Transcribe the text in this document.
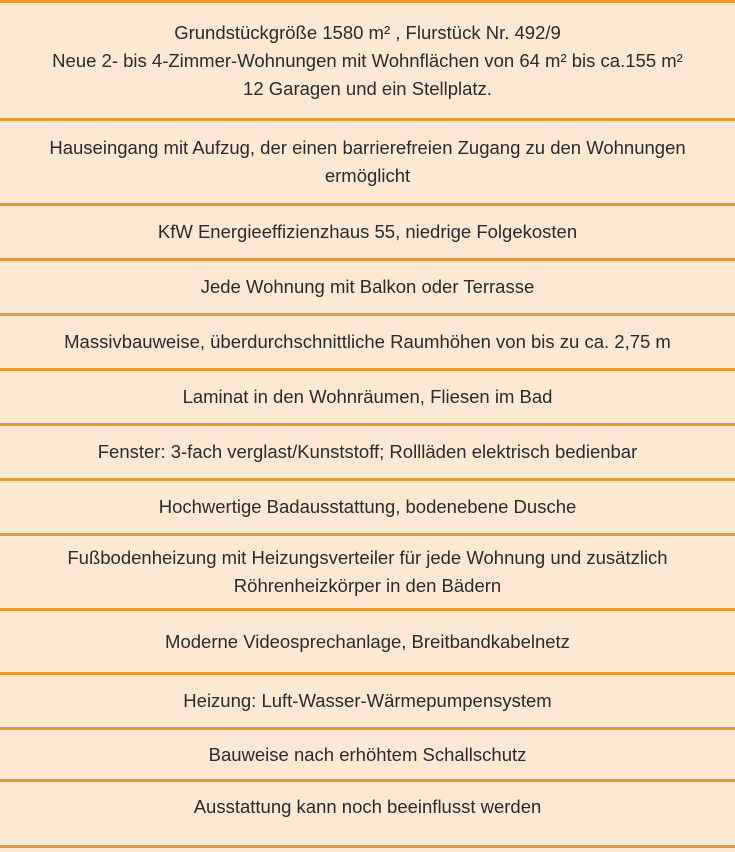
Grundstückgröße 1580 m² , Flurstück Nr. 492/9
Neue 2- bis 4-Zimmer-Wohnungen mit Wohnflächen von 64 m² bis ca.155 m²
12 Garagen und ein Stellplatz.
Hauseingang mit Aufzug, der einen barrierefreien Zugang zu den Wohnungen
ermöglicht
KfW Energieeffizienzhaus 55, niedrige Folgekosten
Jede Wohnung mit Balkon oder Terrasse
Massivbauweise, überdurchschnittliche Raumhöhen von bis zu ca. 2,75 m
Laminat in den Wohnräumen, Fliesen im Bad
Fenster: 3-fach verglast/Kunststoff; Rollläden elektrisch bedienbar
Hochwertige Badausstattung, bodenebene Dusche
Fußbodenheizung mit Heizungsverteiler für jede Wohnung und zusätzlich
Röhrenheizkörper in den Bädern
Moderne Videosprechanlage, Breitbandkabelnetz
Heizung: Luft-Wasser-Wärmepumpensystem
Bauweise nach erhöhtem Schallschutz
Ausstattung kann noch beeinflusst werden
